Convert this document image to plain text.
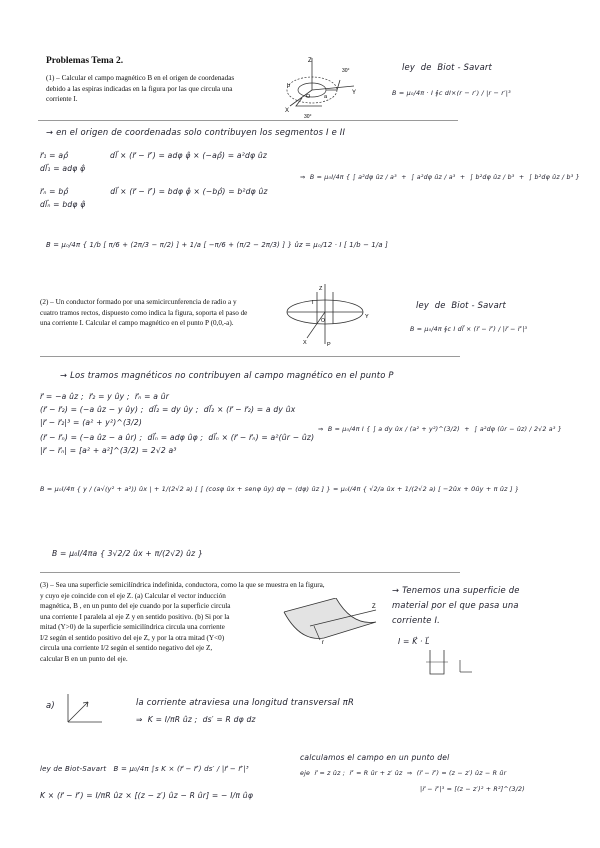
Problemas Tema 2.
(1) – Calcular el campo magnético B en el origen de coordenadas
debido a las espiras indicadas en la figura por las que circula una
corriente I.
Z
Y
X
O a
b
30°
30°
ley  de  Biot - Savart
B = μ₀/4π · I ∮c dl×(r − r′) / |r − r′|³
→ en el origen de coordenadas solo contribuyen los segmentos I e II
r⃗₁ = aρ̂                dl⃗ × (r⃗ − r⃗′) = adφ φ̂ × (−aρ̂) = a²dφ ûz
dl⃗₁ = adφ φ̂
r⃗ₙ = bρ̂                dl⃗ × (r⃗ − r⃗′) = bdφ φ̂ × (−bρ̂) = b²dφ ûz
dl⃗ₙ = bdφ φ̂
⇒  B = μ₀I/4π { ∫ a²dφ ûz / a³  +  ∫ a²dφ ûz / a³  +  ∫ b²dφ ûz / b³  +  ∫ b²dφ ûz / b³ }
B = μ₀/4π { 1/b [ π/6 + (2π/3 − π/2) ] + 1/a [ −π/6 + (π/2 − 2π/3) ] } ûz = μ₀/12 · I [ 1/b − 1/a ]
(2) – Un conductor formado por una semicircunferencia de radio a y
cuatro tramos rectos, dispuesto como indica la figura, soporta el paso de
una corriente I. Calcular el campo magnético en el punto P (0,0,-a).
Z
Y
X	P
I
O
ley  de  Biot - Savart
B = μ₀/4π ∮c I dl⃗ × (r⃗ − r⃗′) / |r⃗ − r⃗′|³
→ Los tramos magnéticos no contribuyen al campo magnético en el punto P
r⃗ = −a ûz ;  r⃗₂ = y ûy ;  r⃗ₙ = a ûr
(r⃗ − r⃗₂) = (−a ûz − y ûy) ;  dl⃗₂ = dy ûy ;  dl⃗₂ × (r⃗ − r⃗₂) = a dy ûx
|r⃗ − r⃗₂|³ = (a² + y²)^(3/2)
(r⃗ − r⃗ₙ) = (−a ûz − a ûr) ;  dl⃗ₙ = adφ ûφ ;  dl⃗ₙ × (r⃗ − r⃗ₙ) = a²(ûr − ûz)
|r⃗ − r⃗ₙ| = [a² + a²]^(3/2) = 2√2 a³
⇒  B = μ₀/4π I { ∫ a dy ûx / (a² + y²)^(3/2)  +  ∫ a²dφ (ûr − ûz) / 2√2 a³ }
B = μ₀I/4π { y / (a√(y² + a²)) ûx | + 1/(2√2 a) [ ∫ (cosφ ûx + senφ ûy) dφ − (dφ) ûz ] } = μ₀I/4π { √2/a ûx + 1/(2√2 a) [ −2ûx + 0ûy + π ûz ] }
B = μ₀I/4πa { 3√2/2 ûx + π/(2√2) ûz }
(3) – Sea una superficie semicilíndrica indefinida, conductora, como la que se muestra en la figura,
y cuyo eje coincide con el eje Z. (a) Calcular el vector inducción
magnética, B , en un punto del eje cuando por la superficie circula
una corriente I paralela al eje Z y en sentido positivo. (b) Si por la
mitad (Y>0) de la superficie semicilíndrica circula una corriente
I/2 según el sentido positivo del eje Z, y por la otra mitad (Y<0)
circula una corriente I/2 según el sentido negativo del eje Z,
calcular B en un punto del eje.
Z
r
→ Tenemos una superficie de
material por el que pasa una
corriente I.
I = K⃗ · L⃗
a)	la corriente atraviesa una longitud transversal πR
⇒  K = I/πR ûz ;  ds′ = R dφ dz
ley de Biot-Savart   B = μ₀/4π ∫s K × (r⃗ − r⃗′) ds′ / |r⃗ − r⃗′|³
calculamos el campo en un punto del
eje  r⃗ = z ûz ;  r⃗′ = R ûr + z′ ûz  ⇒  (r⃗ − r⃗′) = (z − z′) ûz − R ûr
|r⃗ − r⃗′|³ = [(z − z′)² + R²]^(3/2)
K × (r⃗ − r⃗′) = I/πR ûz × [(z − z′) ûz − R ûr] = − I/π ûφ
